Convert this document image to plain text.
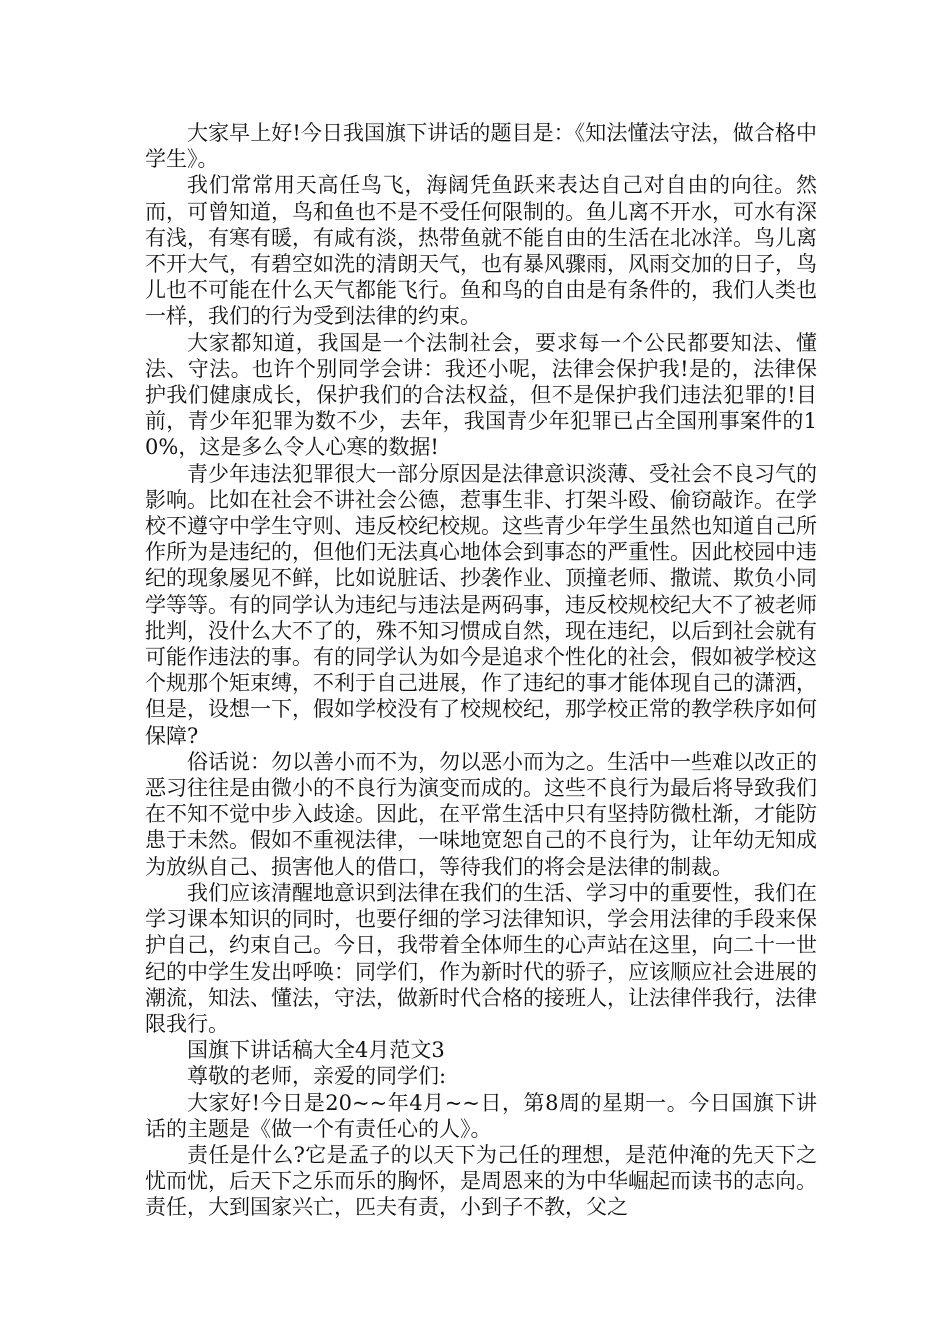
大家早上好!今日我国旗下讲话的题目是：《知法懂法守法，做合格中学生》。

我们常常用天高任鸟飞，海阔凭鱼跃来表达自己对自由的向往。然而，可曾知道，鸟和鱼也不是不受任何限制的。鱼儿离不开水，可水有深有浅，有寒有暖，有咸有淡，热带鱼就不能自由的生活在北冰洋。鸟儿离不开大气，有碧空如洗的清朗天气，也有暴风骤雨，风雨交加的日子，鸟儿也不可能在什么天气都能飞行。鱼和鸟的自由是有条件的，我们人类也一样，我们的行为受到法律的约束。

大家都知道，我国是一个法制社会，要求每一个公民都要知法、懂法、守法。也许个别同学会讲：我还小呢，法律会保护我!是的，法律保护我们健康成长，保护我们的合法权益，但不是保护我们违法犯罪的!目前，青少年犯罪为数不少，去年，我国青少年犯罪已占全国刑事案件的10%，这是多么令人心寒的数据!

青少年违法犯罪很大一部分原因是法律意识淡薄、受社会不良习气的影响。比如在社会不讲社会公德，惹事生非、打架斗殴、偷窃敲诈。在学校不遵守中学生守则、违反校纪校规。这些青少年学生虽然也知道自己所作所为是违纪的，但他们无法真心地体会到事态的严重性。因此校园中违纪的现象屡见不鲜，比如说脏话、抄袭作业、顶撞老师、撒谎、欺负小同学等等。有的同学认为违纪与违法是两码事，违反校规校纪大不了被老师批判，没什么大不了的，殊不知习惯成自然，现在违纪，以后到社会就有可能作违法的事。有的同学认为如今是追求个性化的社会，假如被学校这个规那个矩束缚，不利于自己进展，作了违纪的事才能体现自己的潇洒，但是，设想一下，假如学校没有了校规校纪，那学校正常的教学秩序如何保障?

俗话说：勿以善小而不为，勿以恶小而为之。生活中一些难以改正的恶习往往是由微小的不良行为演变而成的。这些不良行为最后将导致我们在不知不觉中步入歧途。因此，在平常生活中只有坚持防微杜渐，才能防患于未然。假如不重视法律，一味地宽恕自己的不良行为，让年幼无知成为放纵自己、损害他人的借口，等待我们的将会是法律的制裁。

我们应该清醒地意识到法律在我们的生活、学习中的重要性，我们在学习课本知识的同时，也要仔细的学习法律知识，学会用法律的手段来保护自己，约束自己。今日，我带着全体师生的心声站在这里，向二十一世纪的中学生发出呼唤：同学们，作为新时代的骄子，应该顺应社会进展的潮流，知法、懂法，守法，做新时代合格的接班人，让法律伴我行，法律限我行。

国旗下讲话稿大全4月范文3

尊敬的老师，亲爱的同学们:

大家好!今日是20~~年4月~~日，第8周的星期一。今日国旗下讲话的主题是《做一个有责任心的人》。

责任是什么?它是孟子的以天下为己任的理想，是范仲淹的先天下之忧而忧，后天下之乐而乐的胸怀，是周恩来的为中华崛起而读书的志向。责任，大到国家兴亡，匹夫有责，小到子不教，父之
